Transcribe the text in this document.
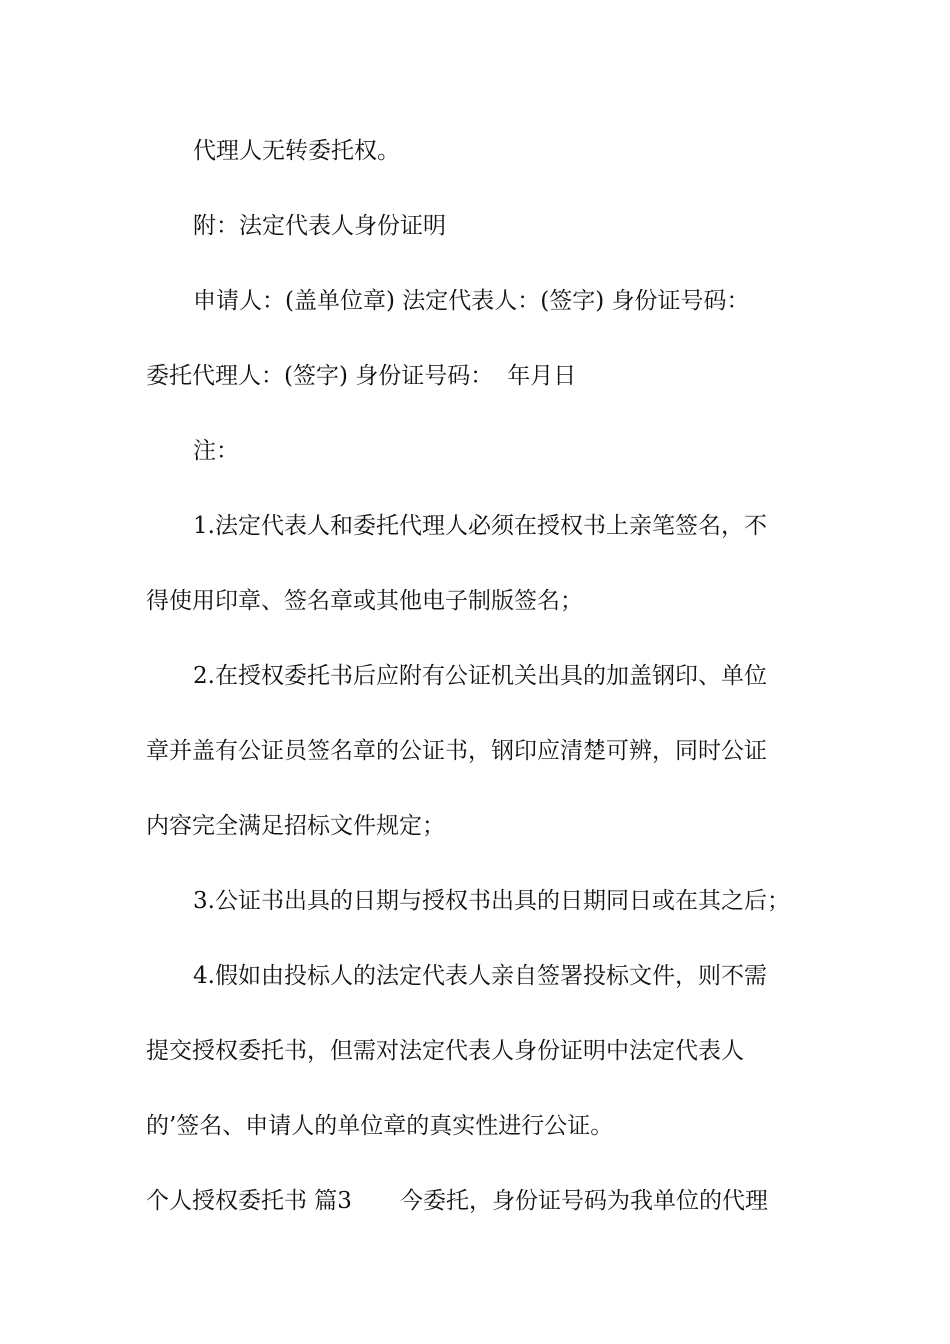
代理人无转委托权。
附：法定代表人身份证明
申请人：(盖单位章) 法定代表人：(签字) 身份证号码：
委托代理人：(签字) 身份证号码： 年月日
注：
1.法定代表人和委托代理人必须在授权书上亲笔签名，不
得使用印章、签名章或其他电子制版签名；
2.在授权委托书后应附有公证机关出具的加盖钢印、单位
章并盖有公证员签名章的公证书，钢印应清楚可辨，同时公证
内容完全满足招标文件规定；
3.公证书出具的日期与授权书出具的日期同日或在其之后；
4.假如由投标人的法定代表人亲自签署投标文件，则不需
提交授权委托书，但需对法定代表人身份证明中法定代表人
的’签名、申请人的单位章的真实性进行公证。
个人授权委托书 篇3 今委托，身份证号码为我单位的代理
